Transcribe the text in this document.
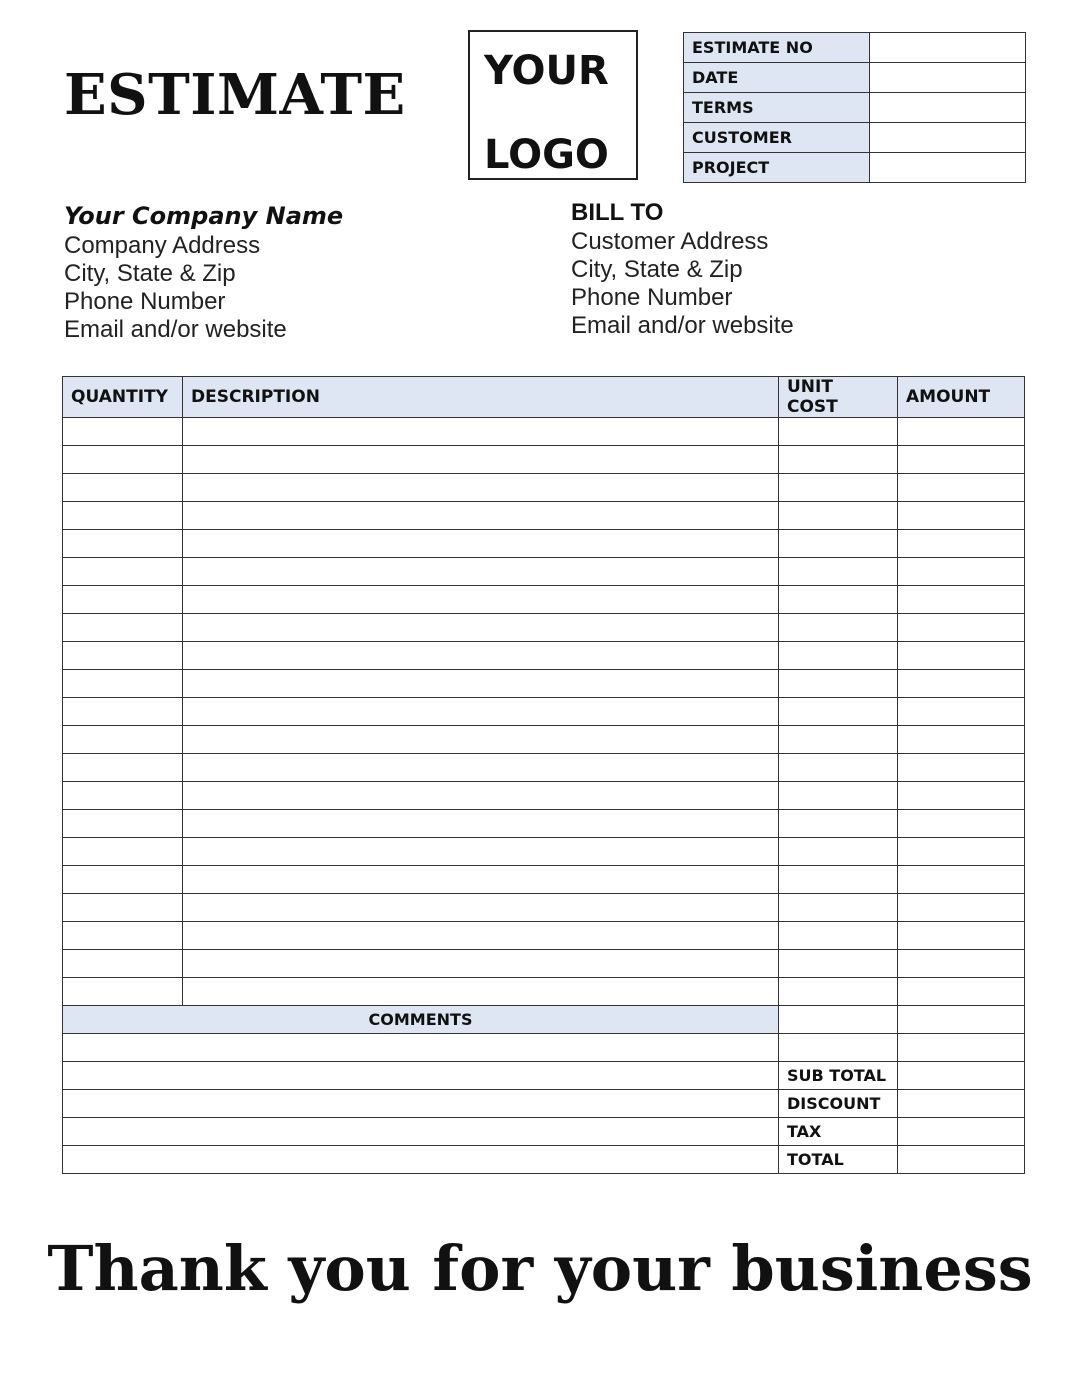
ESTIMATE YOUR
LOGO
ESTIMATE NO	
DATE	
TERMS	
CUSTOMER	
PROJECT	
Your Company Name
Company Address
City, State & Zip
Phone Number
Email and/or website
BILL TO
Customer Address
City, State & Zip
Phone Number
Email and/or website
QUANTITY	DESCRIPTION	UNIT COST	AMOUNT

COMMENTS			

		SUB TOTAL	
		DISCOUNT	
		TAX	
		TOTAL	
Thank you for your business
